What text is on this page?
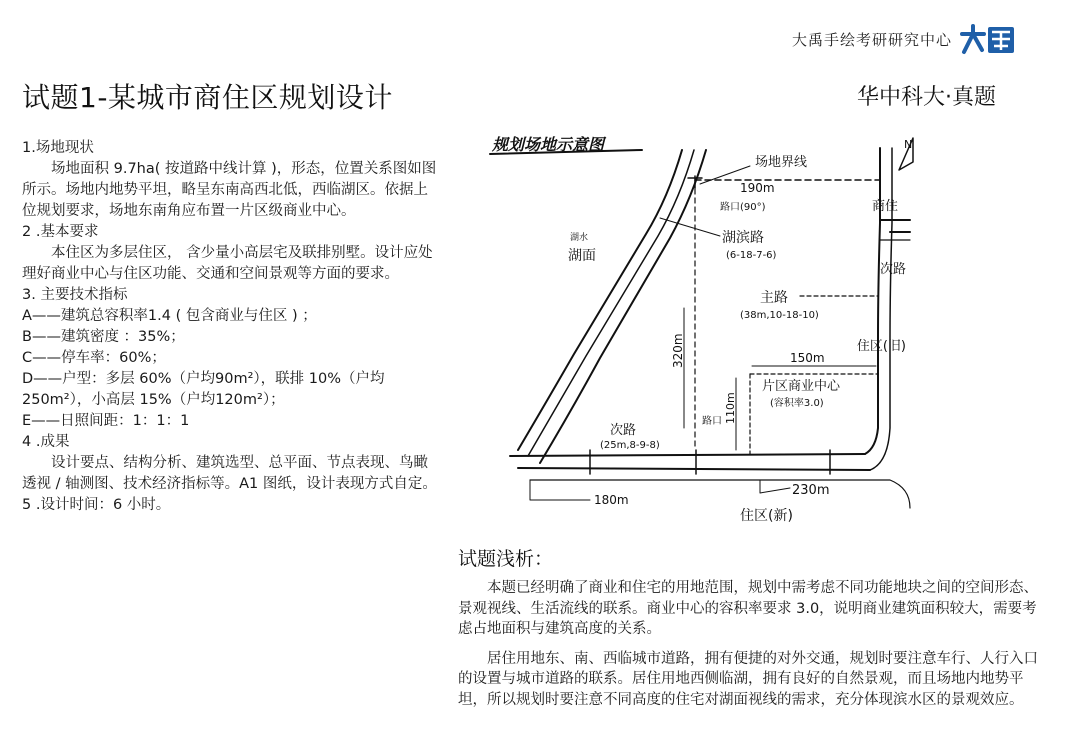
大禹手绘考研研究中心
试题1-某城市商住区规划设计	华中科大·真题

1.场地现状

场地面积 9.7ha( 按道路中线计算 )，形态，位置关系图如图所示。场地内地势平坦，略呈东南高西北低，西临湖区。依据上位规划要求，场地东南角应布置一片区级商业中心。

2 .基本要求

本住区为多层住区， 含少量小高层宅及联排别墅。设计应处理好商业中心与住区功能、交通和空间景观等方面的要求。

3. 主要技术指标

A——建筑总容积率1.4 ( 包含商业与住区 ) ；

B——建筑密度 ：35%；

C——停车率：60%；

D——户型：多层 60%（户均90m²），联排 10%（户均250m²），小高层 15%（户均120m²）；

E——日照间距：1：1：1

4 .成果

设计要点、结构分析、建筑选型、总平面、节点表现、鸟瞰透视 / 轴测图、技术经济指标等。A1 图纸，设计表现方式自定。

5 .设计时间：6 小时。

规划场地示意图	N
场地界线
190m
路口(90°)
湖滨路
(6-18-7-6)
湖水
湖面
商住
次路
主路
(38m,10-18-10)
320m	住区(旧)
150m
片区商业中心
(容积率3.0)
110m
路口
次路
(25m,8-9-8)
180m
230m
住区(新)
试题浅析：

本题已经明确了商业和住宅的用地范围，规划中需考虑不同功能地块之间的空间形态、景观视线、生活流线的联系。商业中心的容积率要求 3.0，说明商业建筑面积较大，需要考虑占地面积与建筑高度的关系。

居住用地东、南、西临城市道路，拥有便捷的对外交通，规划时要注意车行、人行入口的设置与城市道路的联系。居住用地西侧临湖，拥有良好的自然景观，而且场地内地势平坦，所以规划时要注意不同高度的住宅对湖面视线的需求，充分体现滨水区的景观效应。
